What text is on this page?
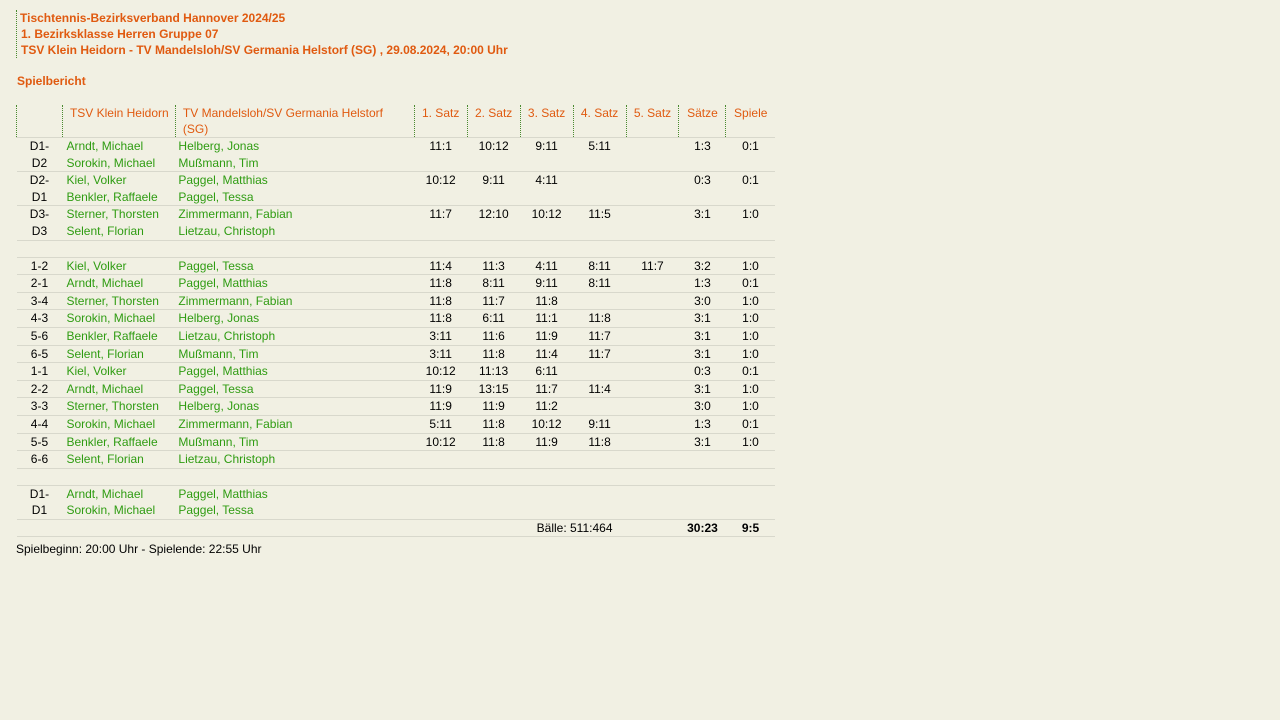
Tischtennis-Bezirksverband Hannover 2024/25
1. Bezirksklasse Herren Gruppe 07
TSV Klein Heidorn - TV Mandelsloh/SV Germania Helstorf (SG) , 29.08.2024, 20:00 Uhr
Spielbericht
	TSV Klein Heidorn	TV Mandelsloh/SV Germania Helstorf (SG)	1. Satz	2. Satz	3. Satz	4. Satz	5. Satz	Sätze	Spiele
D1-	Arndt, Michael	Helberg, Jonas	11:1	10:12	9:11	5:11		1:3	0:1
D2	Sorokin, Michael	Mußmann, Tim							
D2-	Kiel, Volker	Paggel, Matthias	10:12	9:11	4:11			0:3	0:1
D1	Benkler, Raffaele	Paggel, Tessa							
D3-	Sterner, Thorsten	Zimmermann, Fabian	11:7	12:10	10:12	11:5		3:1	1:0
D3	Selent, Florian	Lietzau, Christoph							

1-2	Kiel, Volker	Paggel, Tessa	11:4	11:3	4:11	8:11	11:7	3:2	1:0
2-1	Arndt, Michael	Paggel, Matthias	11:8	8:11	9:11	8:11		1:3	0:1
3-4	Sterner, Thorsten	Zimmermann, Fabian	11:8	11:7	11:8			3:0	1:0
4-3	Sorokin, Michael	Helberg, Jonas	11:8	6:11	11:1	11:8		3:1	1:0
5-6	Benkler, Raffaele	Lietzau, Christoph	3:11	11:6	11:9	11:7		3:1	1:0
6-5	Selent, Florian	Mußmann, Tim	3:11	11:8	11:4	11:7		3:1	1:0
1-1	Kiel, Volker	Paggel, Matthias	10:12	11:13	6:11			0:3	0:1
2-2	Arndt, Michael	Paggel, Tessa	11:9	13:15	11:7	11:4		3:1	1:0
3-3	Sterner, Thorsten	Helberg, Jonas	11:9	11:9	11:2			3:0	1:0
4-4	Sorokin, Michael	Zimmermann, Fabian	5:11	11:8	10:12	9:11		1:3	0:1
5-5	Benkler, Raffaele	Mußmann, Tim	10:12	11:8	11:9	11:8		3:1	1:0
6-6	Selent, Florian	Lietzau, Christoph							

D1-	Arndt, Michael	Paggel, Matthias							
D1	Sorokin, Michael	Paggel, Tessa							
			Bälle: 511:464					30:23	9:5
Spielbeginn: 20:00 Uhr - Spielende: 22:55 Uhr
